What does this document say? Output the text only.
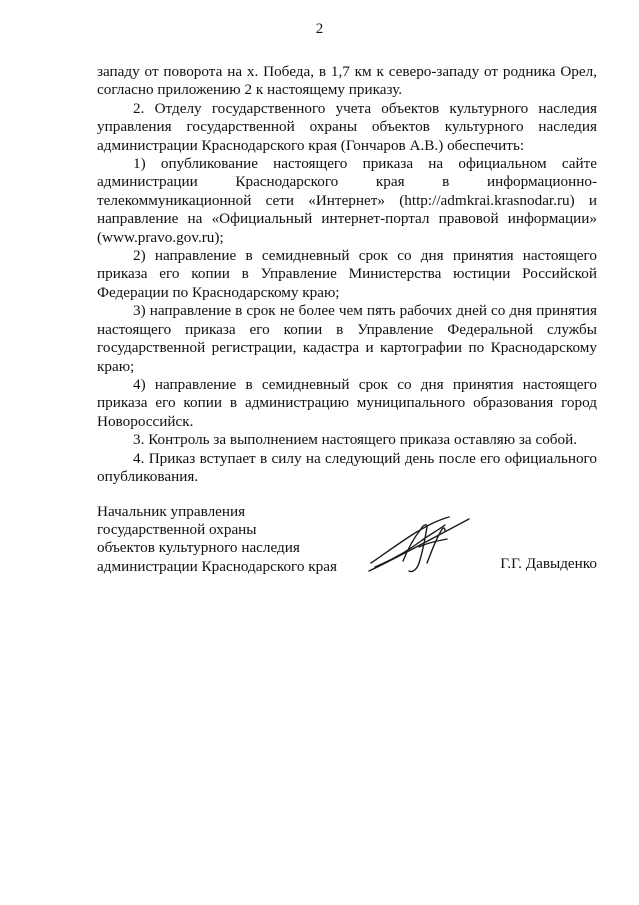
2

западу от поворота на х. Победа, в 1,7 км к северо-западу от родника Орел, согласно приложению 2 к настоящему приказу.

2. Отделу государственного учета объектов культурного наследия управления государственной охраны объектов культурного наследия администрации Краснодарского края (Гончаров А.В.) обеспечить:

1) опубликование настоящего приказа на официальном сайте администрации Краснодарского края в информационно-телекоммуникационной сети «Интернет» (http://admkrai.krasnodar.ru) и направление на «Официальный интернет-портал правовой информации» (www.pravo.gov.ru);

2) направление в семидневный срок со дня принятия настоящего приказа его копии в Управление Министерства юстиции Российской Федерации по Краснодарскому краю;

3) направление в срок не более чем пять рабочих дней со дня принятия настоящего приказа его копии в Управление Федеральной службы государственной регистрации, кадастра и картографии по Краснодарскому краю;

4) направление в семидневный срок со дня принятия настоящего приказа его копии в администрацию муниципального образования город Новороссийск.

3. Контроль за выполнением настоящего приказа оставляю за собой.

4. Приказ вступает в силу на следующий день после его официального опубликования.

Начальник управления
государственной охраны
объектов культурного наследия
администрации Краснодарского края	Г.Г. Давыденко
